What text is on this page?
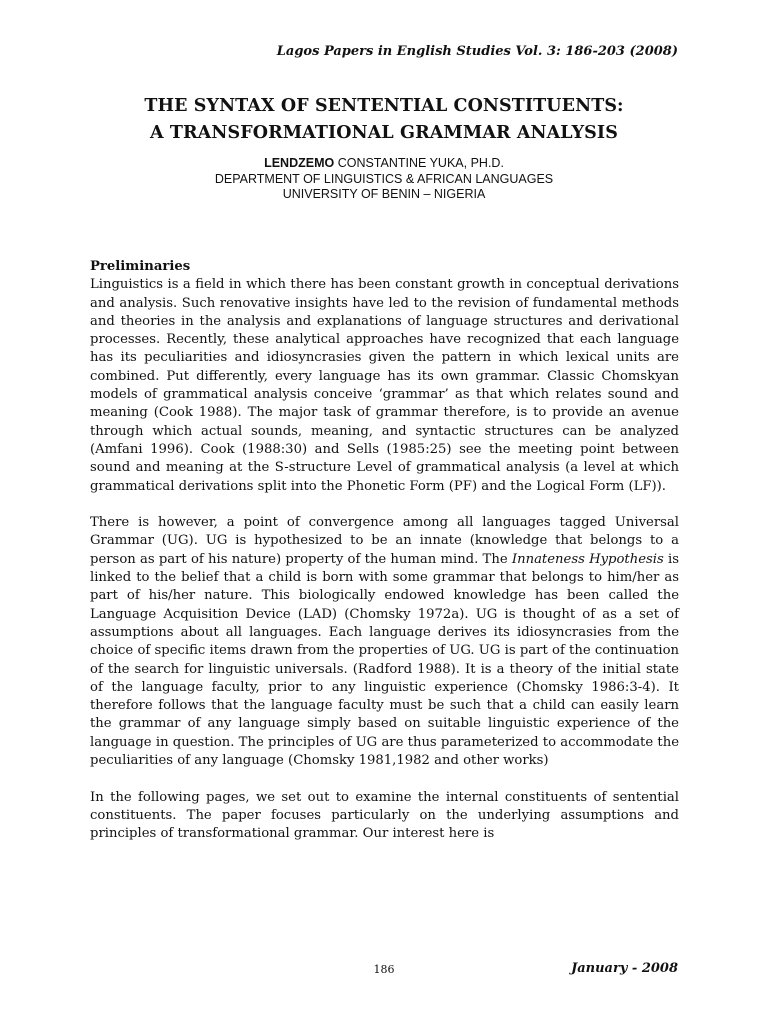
Lagos Papers in English Studies Vol. 3: 186-203 (2008)
THE SYNTAX OF SENTENTIAL CONSTITUENTS:
A TRANSFORMATIONAL GRAMMAR ANALYSIS
LENDZEMO CONSTANTINE YUKA, PH.D.
DEPARTMENT OF LINGUISTICS & AFRICAN LANGUAGES
UNIVERSITY OF BENIN – NIGERIA
Preliminaries

Linguistics is a field in which there has been constant growth in conceptual derivations and analysis. Such renovative insights have led to the revision of fundamental methods and theories in the analysis and explanations of language structures and derivational processes. Recently, these analytical approaches have recognized that each language has its peculiarities and idiosyncrasies given the pattern in which lexical units are combined. Put differently, every language has its own grammar. Classic Chomskyan models of grammatical analysis conceive ‘grammar’ as that which relates sound and meaning (Cook 1988). The major task of grammar therefore, is to provide an avenue through which actual sounds, meaning, and syntactic structures can be analyzed (Amfani 1996). Cook (1988:30) and Sells (1985:25) see the meeting point between sound and meaning at the S-structure Level of grammatical analysis (a level at which grammatical derivations split into the Phonetic Form (PF) and the Logical Form (LF)).

There is however, a point of convergence among all languages tagged Universal Grammar (UG). UG is hypothesized to be an innate (knowledge that belongs to a person as part of his nature) property of the human mind. The Innateness Hypothesis is linked to the belief that a child is born with some grammar that belongs to him/her as part of his/her nature. This biologically endowed knowledge has been called the Language Acquisition Device (LAD) (Chomsky 1972a). UG is thought of as a set of assumptions about all languages. Each language derives its idiosyncrasies from the choice of specific items drawn from the properties of UG. UG is part of the continuation of the search for linguistic universals. (Radford 1988). It is a theory of the initial state of the language faculty, prior to any linguistic experience (Chomsky 1986:3-4). It therefore follows that the language faculty must be such that a child can easily learn the grammar of any language simply based on suitable linguistic experience of the language in question. The principles of UG are thus parameterized to accommodate the peculiarities of any language (Chomsky 1981,1982 and other works)

In the following pages, we set out to examine the internal constituents of sentential constituents. The paper focuses particularly on the underlying assumptions and principles of transformational grammar. Our interest here is

186	January - 2008
